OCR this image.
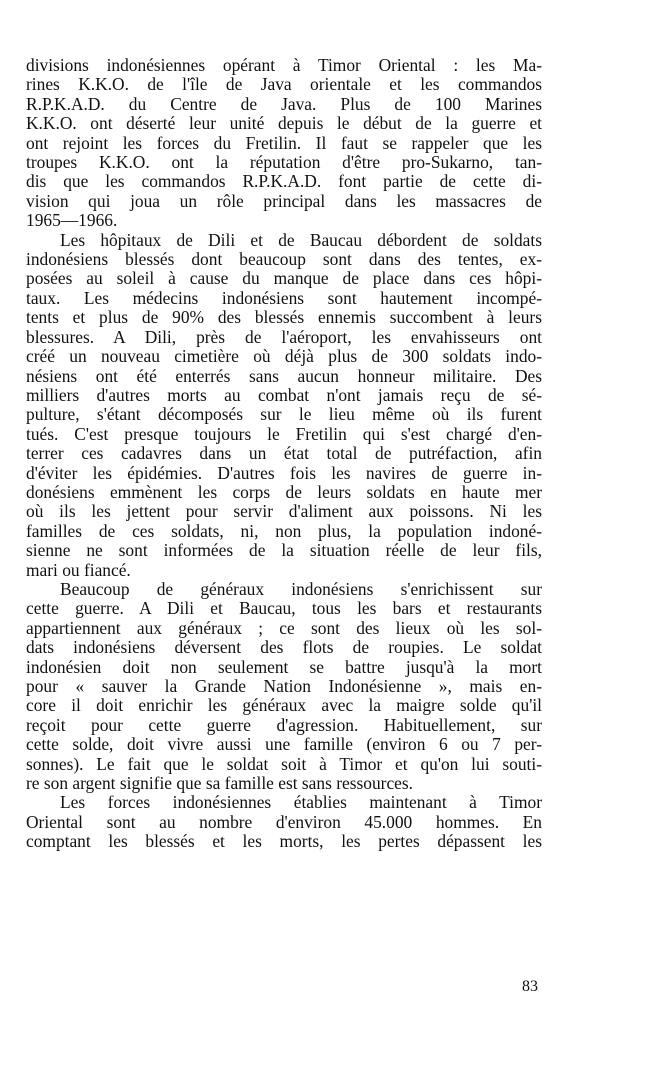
divisions indonésiennes opérant à Timor Oriental : les Ma-
rines K.K.O. de l'île de Java orientale et les commandos
R.P.K.A.D. du Centre de Java. Plus de 100 Marines
K.K.O. ont déserté leur unité depuis le début de la guerre et
ont rejoint les forces du Fretilin. Il faut se rappeler que les
troupes K.K.O. ont la réputation d'être pro-Sukarno, tan-
dis que les commandos R.P.K.A.D. font partie de cette di-
vision qui joua un rôle principal dans les massacres de
1965—1966.
Les hôpitaux de Dili et de Baucau débordent de soldats
indonésiens blessés dont beaucoup sont dans des tentes, ex-
posées au soleil à cause du manque de place dans ces hôpi-
taux. Les médecins indonésiens sont hautement incompé-
tents et plus de 90% des blessés ennemis succombent à leurs
blessures. A Dili, près de l'aéroport, les envahisseurs ont
créé un nouveau cimetière où déjà plus de 300 soldats indo-
nésiens ont été enterrés sans aucun honneur militaire. Des
milliers d'autres morts au combat n'ont jamais reçu de sé-
pulture, s'étant décomposés sur le lieu même où ils furent
tués. C'est presque toujours le Fretilin qui s'est chargé d'en-
terrer ces cadavres dans un état total de putréfaction, afin
d'éviter les épidémies. D'autres fois les navires de guerre in-
donésiens emmènent les corps de leurs soldats en haute mer
où ils les jettent pour servir d'aliment aux poissons. Ni les
familles de ces soldats, ni, non plus, la population indoné-
sienne ne sont informées de la situation réelle de leur fils,
mari ou fiancé.
Beaucoup de généraux indonésiens s'enrichissent sur
cette guerre. A Dili et Baucau, tous les bars et restaurants
appartiennent aux généraux ; ce sont des lieux où les sol-
dats indonésiens déversent des flots de roupies. Le soldat
indonésien doit non seulement se battre jusqu'à la mort
pour « sauver la Grande Nation Indonésienne », mais en-
core il doit enrichir les généraux avec la maigre solde qu'il
reçoit pour cette guerre d'agression. Habituellement, sur
cette solde, doit vivre aussi une famille (environ 6 ou 7 per-
sonnes). Le fait que le soldat soit à Timor et qu'on lui souti-
re son argent signifie que sa famille est sans ressources.
Les forces indonésiennes établies maintenant à Timor
Oriental sont au nombre d'environ 45.000 hommes. En
comptant les blessés et les morts, les pertes dépassent les
83
